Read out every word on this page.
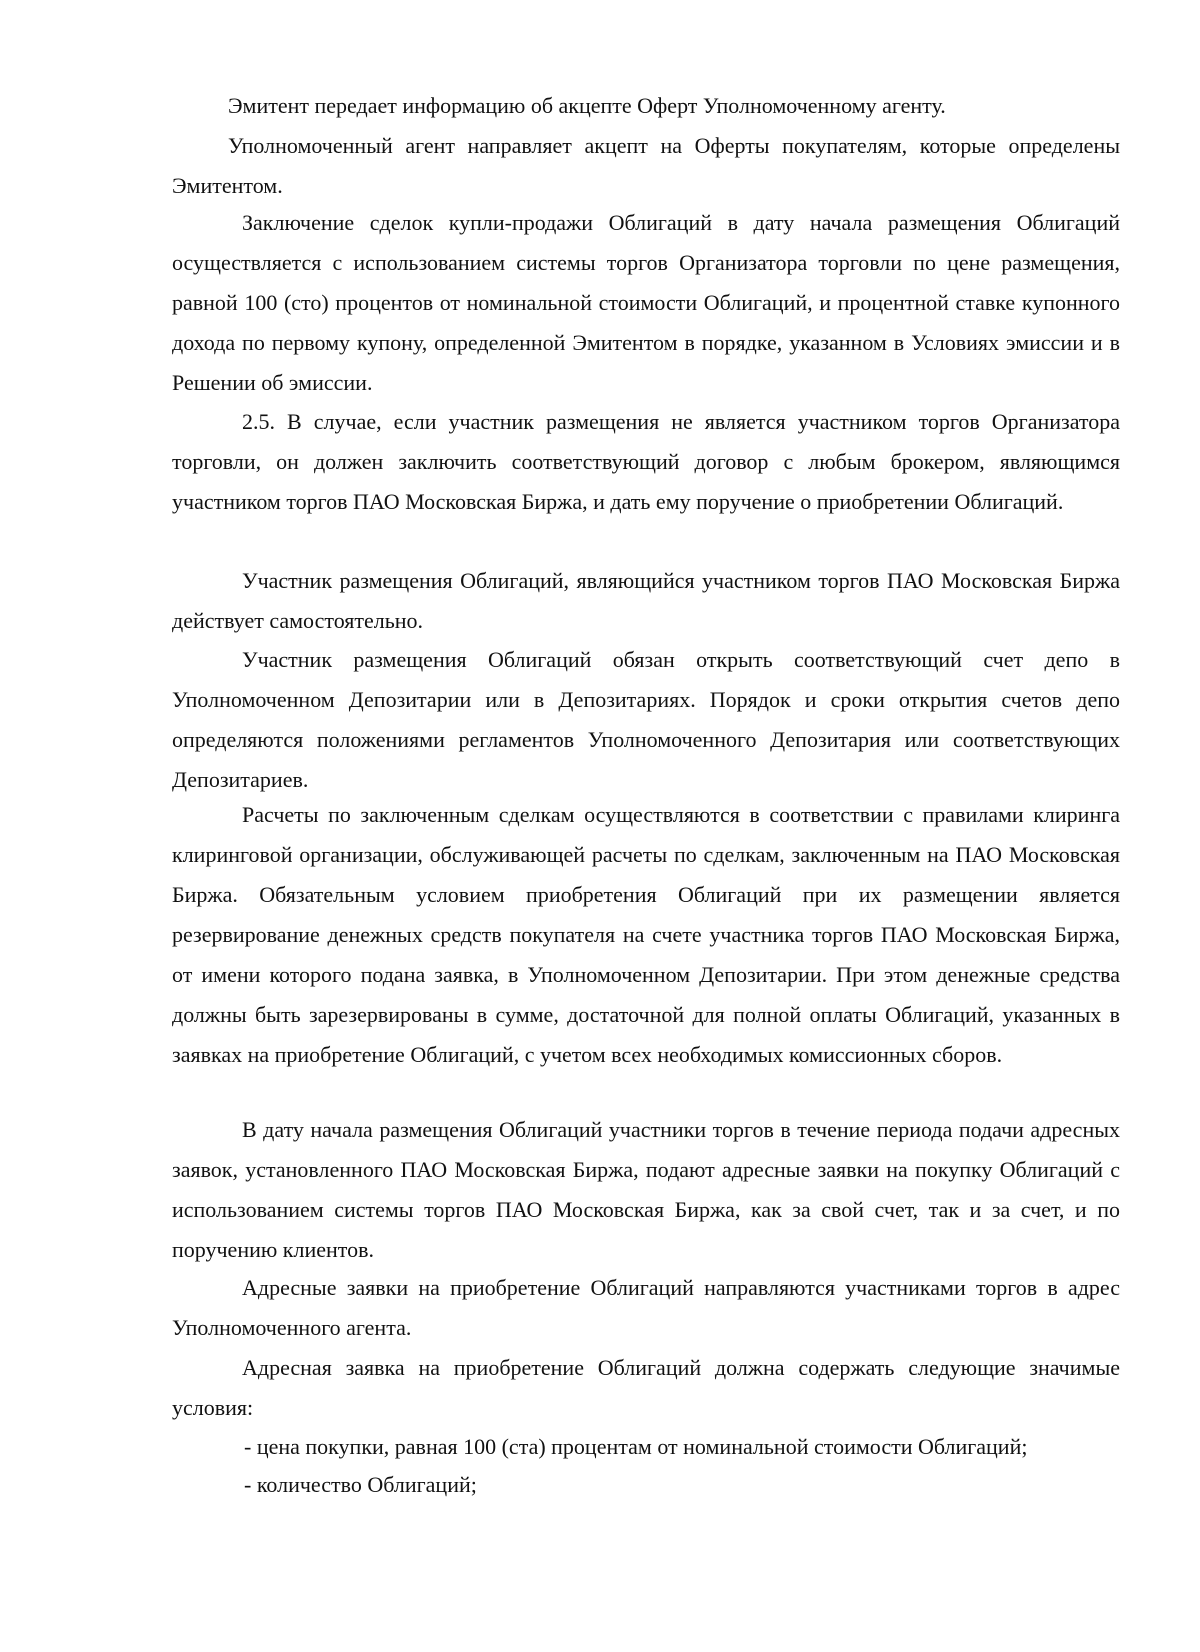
Эмитент передает информацию об акцепте Оферт Уполномоченному агенту.

Уполномоченный агент направляет акцепт на Оферты покупателям, которые определены Эмитентом.

Заключение сделок купли-продажи Облигаций в дату начала размещения Облигаций осуществляется с использованием системы торгов Организатора торговли по цене размещения, равной 100 (сто) процентов от номинальной стоимости Облигаций, и процентной ставке купонного дохода по первому купону, определенной Эмитентом в порядке, указанном в Условиях эмиссии и в Решении об эмиссии.

2.5. В случае, если участник размещения не является участником торгов Организатора торговли, он должен заключить соответствующий договор с любым брокером, являющимся участником торгов ПАО Московская Биржа, и дать ему поручение о приобретении Облигаций.

Участник размещения Облигаций, являющийся участником торгов ПАО Московская Биржа действует самостоятельно.

Участник размещения Облигаций обязан открыть соответствующий счет депо в Уполномоченном Депозитарии или в Депозитариях. Порядок и сроки открытия счетов депо определяются положениями регламентов Уполномоченного Депозитария или соответствующих Депозитариев.

Расчеты по заключенным сделкам осуществляются в соответствии с правилами клиринга клиринговой организации, обслуживающей расчеты по сделкам, заключенным на ПАО Московская Биржа. Обязательным условием приобретения Облигаций при их размещении является резервирование денежных средств покупателя на счете участника торгов ПАО Московская Биржа, от имени которого подана заявка, в Уполномоченном Депозитарии. При этом денежные средства должны быть зарезервированы в сумме, достаточной для полной оплаты Облигаций, указанных в заявках на приобретение Облигаций, с учетом всех необходимых комиссионных сборов.

В дату начала размещения Облигаций участники торгов в течение периода подачи адресных заявок, установленного ПАО Московская Биржа, подают адресные заявки на покупку Облигаций с использованием системы торгов ПАО Московская Биржа, как за свой счет, так и за счет, и по поручению клиентов.

Адресные заявки на приобретение Облигаций направляются участниками торгов в адрес Уполномоченного агента.

Адресная заявка на приобретение Облигаций должна содержать следующие значимые условия:

- цена покупки, равная 100 (ста) процентам от номинальной стоимости Облигаций;

- количество Облигаций;
